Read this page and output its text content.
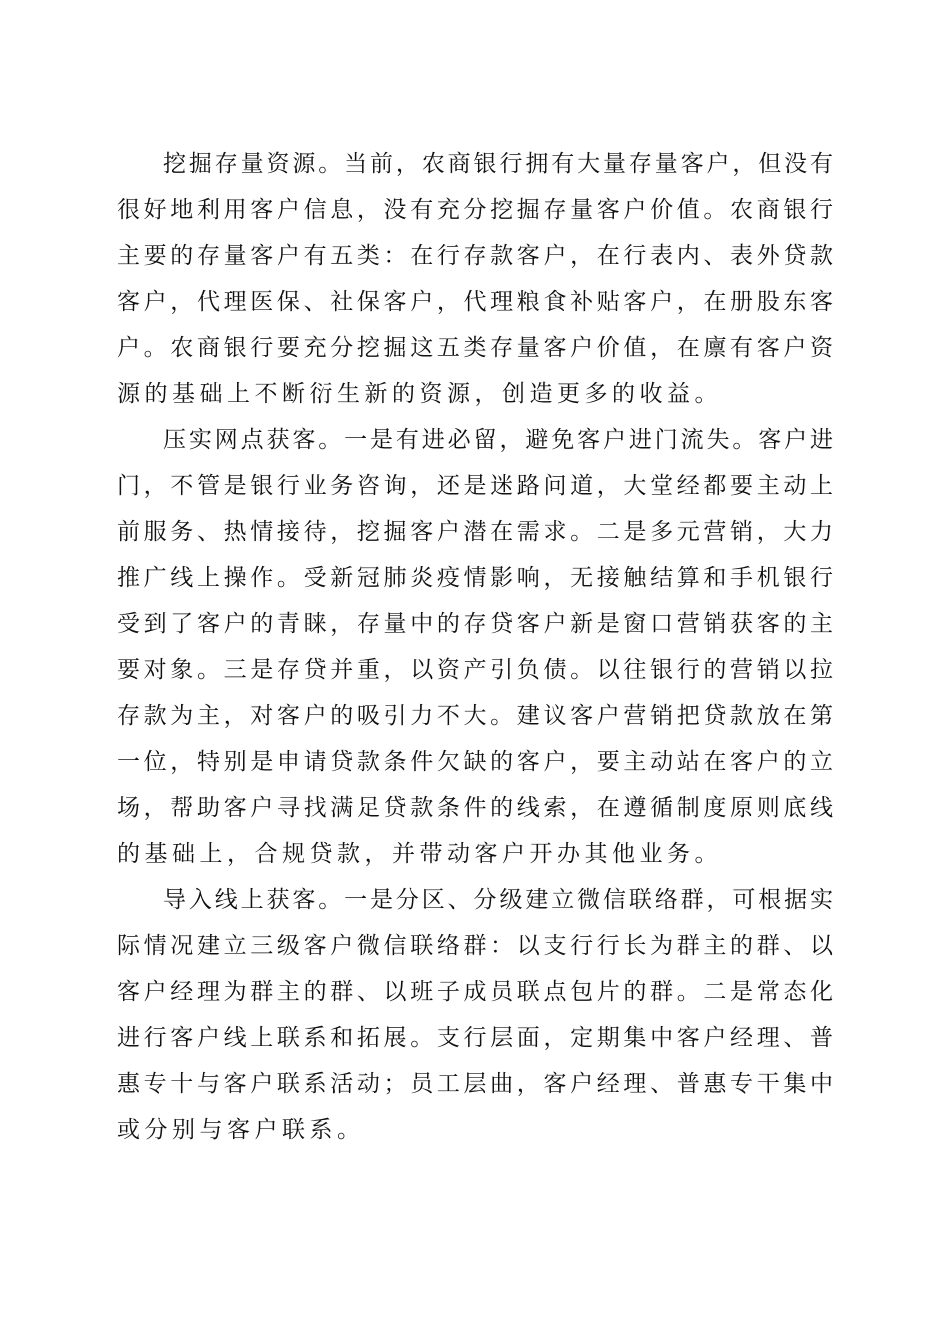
挖掘存量资源。当前，农商银行拥有大量存量客户，但没有
很好地利用客户信息，没有充分挖掘存量客户价值。农商银行
主要的存量客户有五类：在行存款客户，在行表内、表外贷款
客户，代理医保、社保客户，代理粮食补贴客户，在册股东客
户。农商银行要充分挖掘这五类存量客户价值，在廪有客户资
源的基础上不断衍生新的资源，创造更多的收益。
压实网点获客。一是有进必留，避免客户进门流失。客户进
门，不管是银行业务咨询，还是迷路问道，大堂经都要主动上
前服务、热情接待，挖掘客户潜在需求。二是多元营销，大力
推广线上操作。受新冠肺炎疫情影响，无接触结算和手机银行
受到了客户的青睐，存量中的存贷客户新是窗口营销获客的主
要对象。三是存贷并重，以资产引负债。以往银行的营销以拉
存款为主，对客户的吸引力不大。建议客户营销把贷款放在第
一位，特别是申请贷款条件欠缺的客户，要主动站在客户的立
场，帮助客户寻找满足贷款条件的线索，在遵循制度原则底线
的基础上，合规贷款，并带动客户开办其他业务。
导入线上获客。一是分区、分级建立微信联络群，可根据实
际情况建立三级客户微信联络群：以支行行长为群主的群、以
客户经理为群主的群、以班子成员联点包片的群。二是常态化
进行客户线上联系和拓展。支行层面，定期集中客户经理、普
惠专十与客户联系活动；员工层曲，客户经理、普惠专干集中
或分别与客户联系。
